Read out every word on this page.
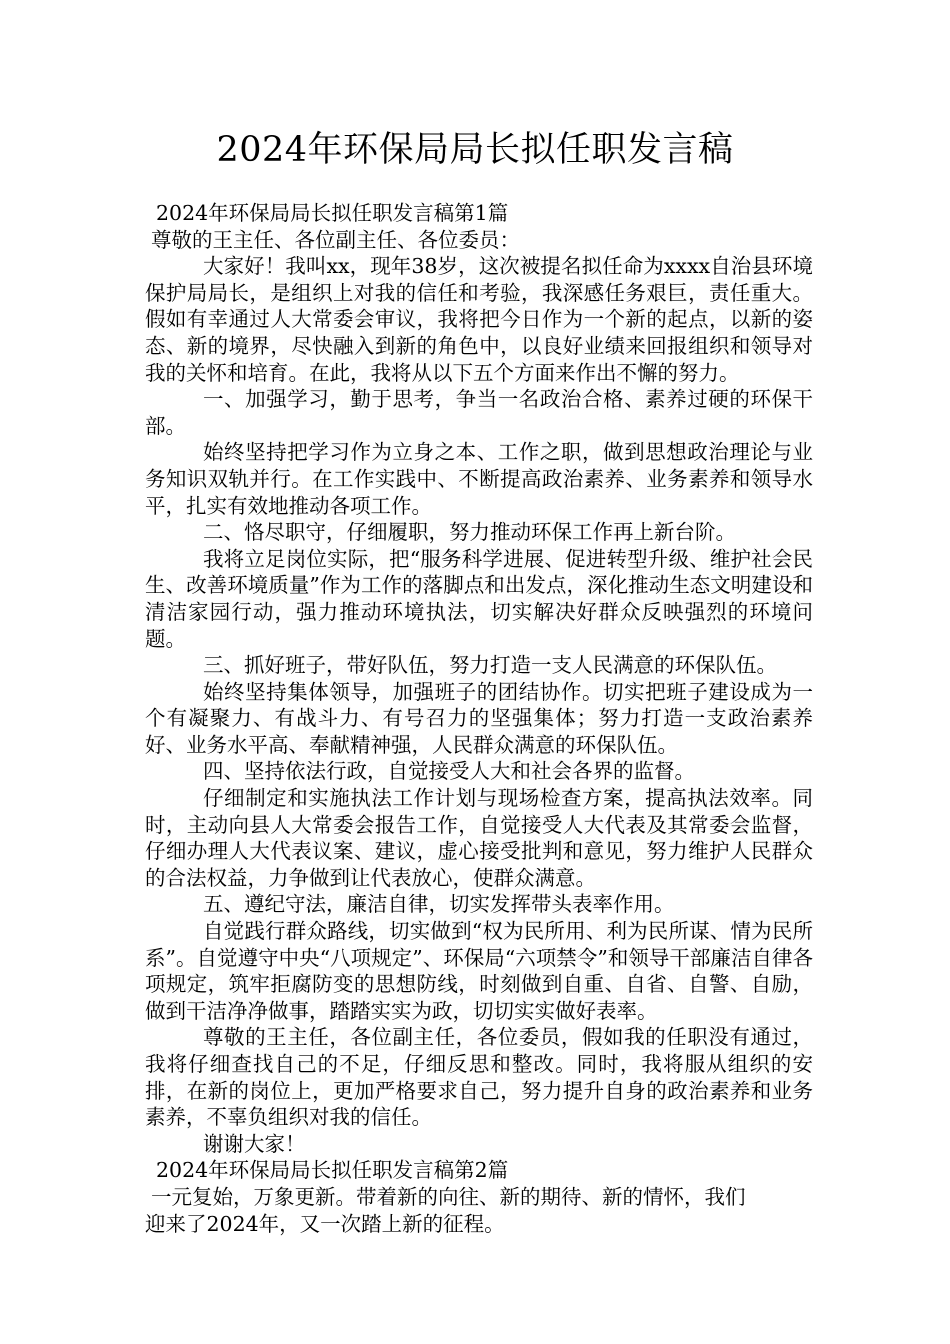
2024年环保局局长拟任职发言稿

2024年环保局局长拟任职发言稿第1篇

尊敬的王主任、各位副主任、各位委员：

大家好！我叫xx，现年38岁，这次被提名拟任命为xxxx自治县环境保护局局长，是组织上对我的信任和考验，我深感任务艰巨，责任重大。假如有幸通过人大常委会审议，我将把今日作为一个新的起点，以新的姿态、新的境界，尽快融入到新的角色中，以良好业绩来回报组织和领导对我的关怀和培育。在此，我将从以下五个方面来作出不懈的努力。

一、加强学习，勤于思考，争当一名政治合格、素养过硬的环保干部。

始终坚持把学习作为立身之本、工作之职，做到思想政治理论与业务知识双轨并行。在工作实践中、不断提高政治素养、业务素养和领导水平，扎实有效地推动各项工作。

二、恪尽职守，仔细履职，努力推动环保工作再上新台阶。

我将立足岗位实际，把“服务科学进展、促进转型升级、维护社会民生、改善环境质量”作为工作的落脚点和出发点，深化推动生态文明建设和清洁家园行动，强力推动环境执法，切实解决好群众反映强烈的环境问题。

三、抓好班子，带好队伍，努力打造一支人民满意的环保队伍。

始终坚持集体领导，加强班子的团结协作。切实把班子建设成为一个有凝聚力、有战斗力、有号召力的坚强集体；努力打造一支政治素养好、业务水平高、奉献精神强，人民群众满意的环保队伍。

四、坚持依法行政，自觉接受人大和社会各界的监督。

仔细制定和实施执法工作计划与现场检查方案，提高执法效率。同时，主动向县人大常委会报告工作，自觉接受人大代表及其常委会监督，仔细办理人大代表议案、建议，虚心接受批判和意见，努力维护人民群众的合法权益，力争做到让代表放心，使群众满意。

五、遵纪守法，廉洁自律，切实发挥带头表率作用。

自觉践行群众路线，切实做到“权为民所用、利为民所谋、情为民所系”。自觉遵守中央“八项规定”、环保局“六项禁令”和领导干部廉洁自律各项规定，筑牢拒腐防变的思想防线，时刻做到自重、自省、自警、自励，做到干洁净净做事，踏踏实实为政，切切实实做好表率。

尊敬的王主任，各位副主任，各位委员，假如我的任职没有通过，我将仔细查找自己的不足，仔细反思和整改。同时，我将服从组织的安排，在新的岗位上，更加严格要求自己，努力提升自身的政治素养和业务素养，不辜负组织对我的信任。

谢谢大家！

2024年环保局局长拟任职发言稿第2篇

一元复始，万象更新。带着新的向往、新的期待、新的情怀，我们
迎来了2024年，又一次踏上新的征程。
